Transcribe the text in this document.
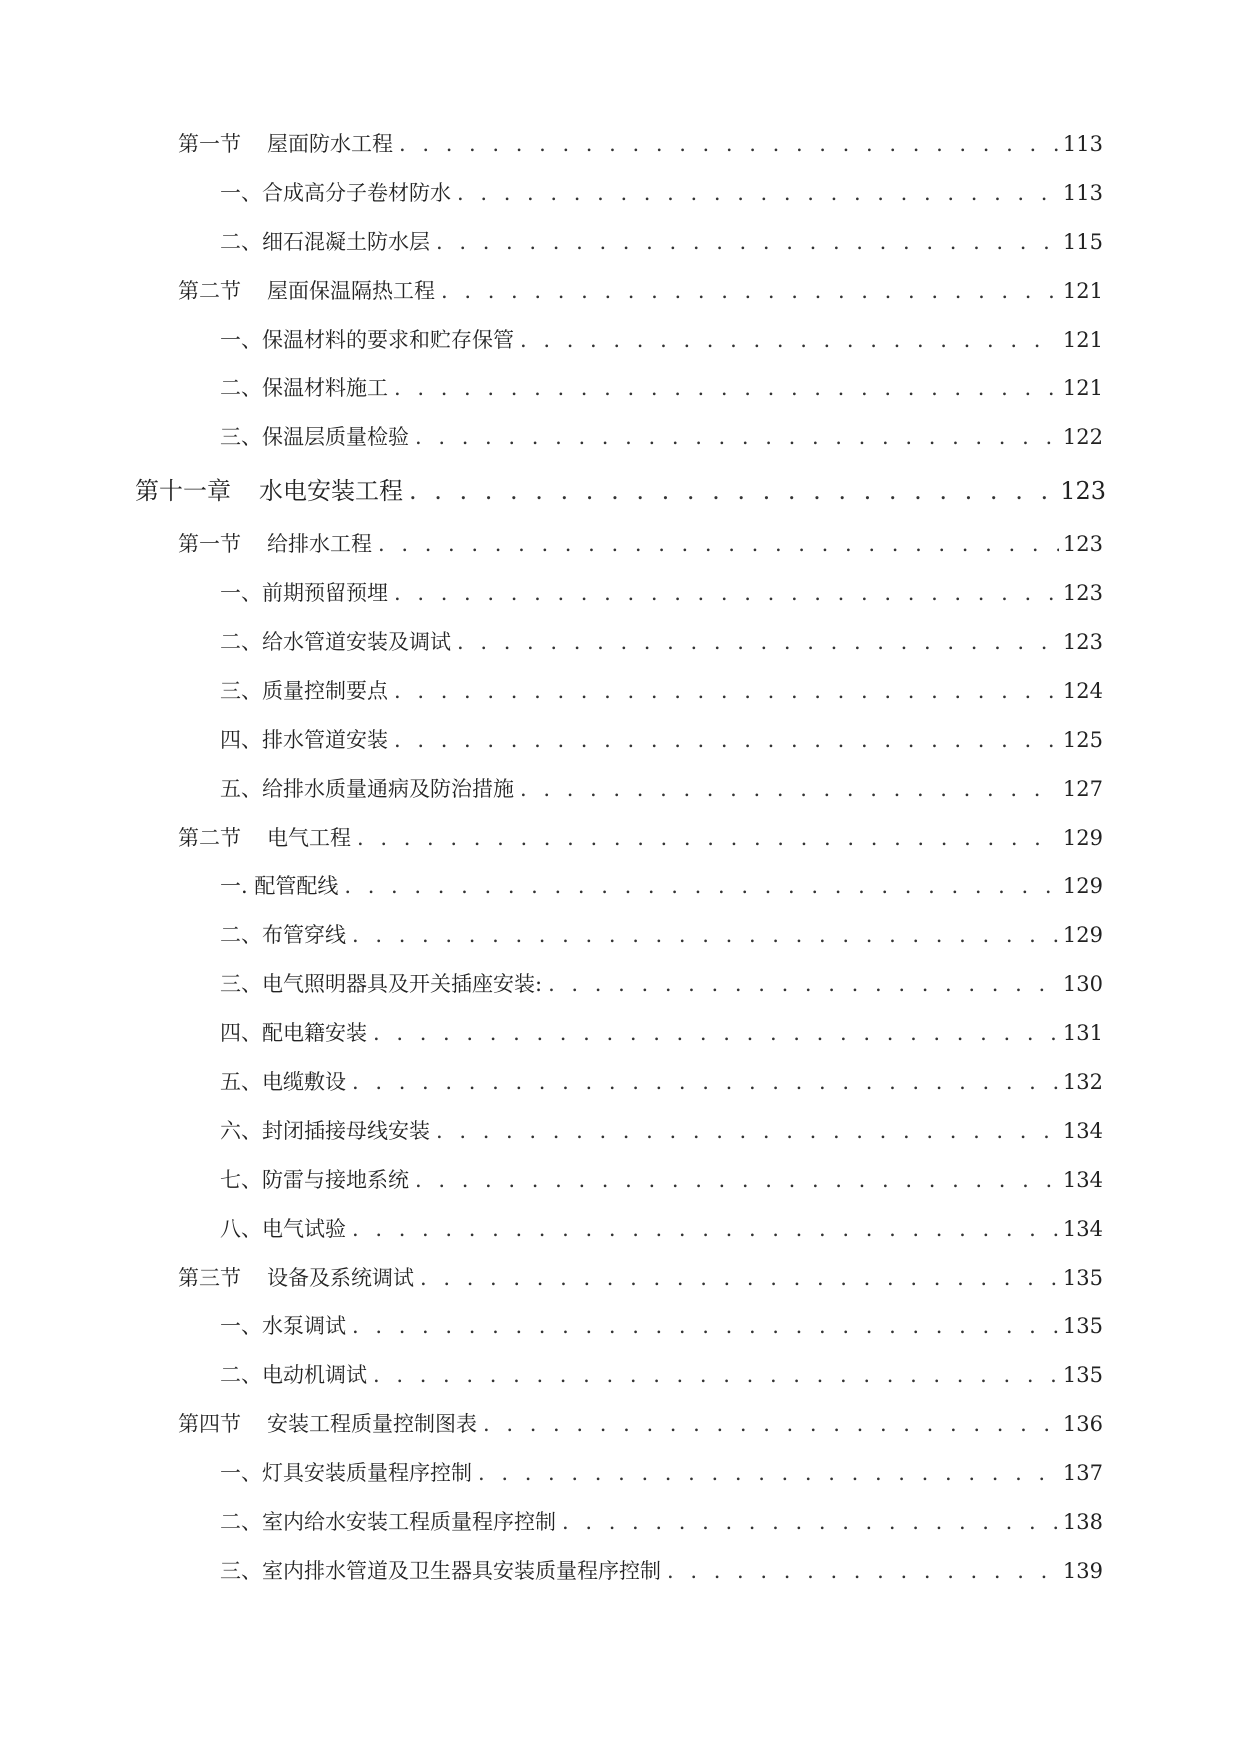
第一节 屋面防水工程 . . .	113
一、合成高分子卷材防水 . . .	113
二、细石混凝土防水层 . . .	115
第二节 屋面保温隔热工程 . . .	121
一、保温材料的要求和贮存保管 . . .	121
二、保温材料施工 . . .	121
三、保温层质量检验 . . .	122
第十一章 水电安装工程 . . .	123
第一节 给排水工程 . . .	123
一、前期预留预埋 . . .	123
二、给水管道安装及调试 . . .	123
三、质量控制要点 . . .	124
四、排水管道安装 . . .	125
五、给排水质量通病及防治措施 . . .	127
第二节 电气工程 . . .	129
一. 配管配线 . . .	129
二、布管穿线 . . .	129
三、电气照明器具及开关插座安装: . . .	130
四、配电籍安装 . . .	131
五、电缆敷设 . . .	132
六、封闭插接母线安装 . . .	134
七、防雷与接地系统 . . .	134
八、电气试验 . . .	134
第三节 设备及系统调试 . . .	135
一、水泵调试 . . .	135
二、电动机调试 . . .	135
第四节 安装工程质量控制图表 . . .	136
一、灯具安装质量程序控制 . . .	137
二、室内给水安装工程质量程序控制 . . .	138
三、室内排水管道及卫生器具安装质量程序控制 . . .	139
